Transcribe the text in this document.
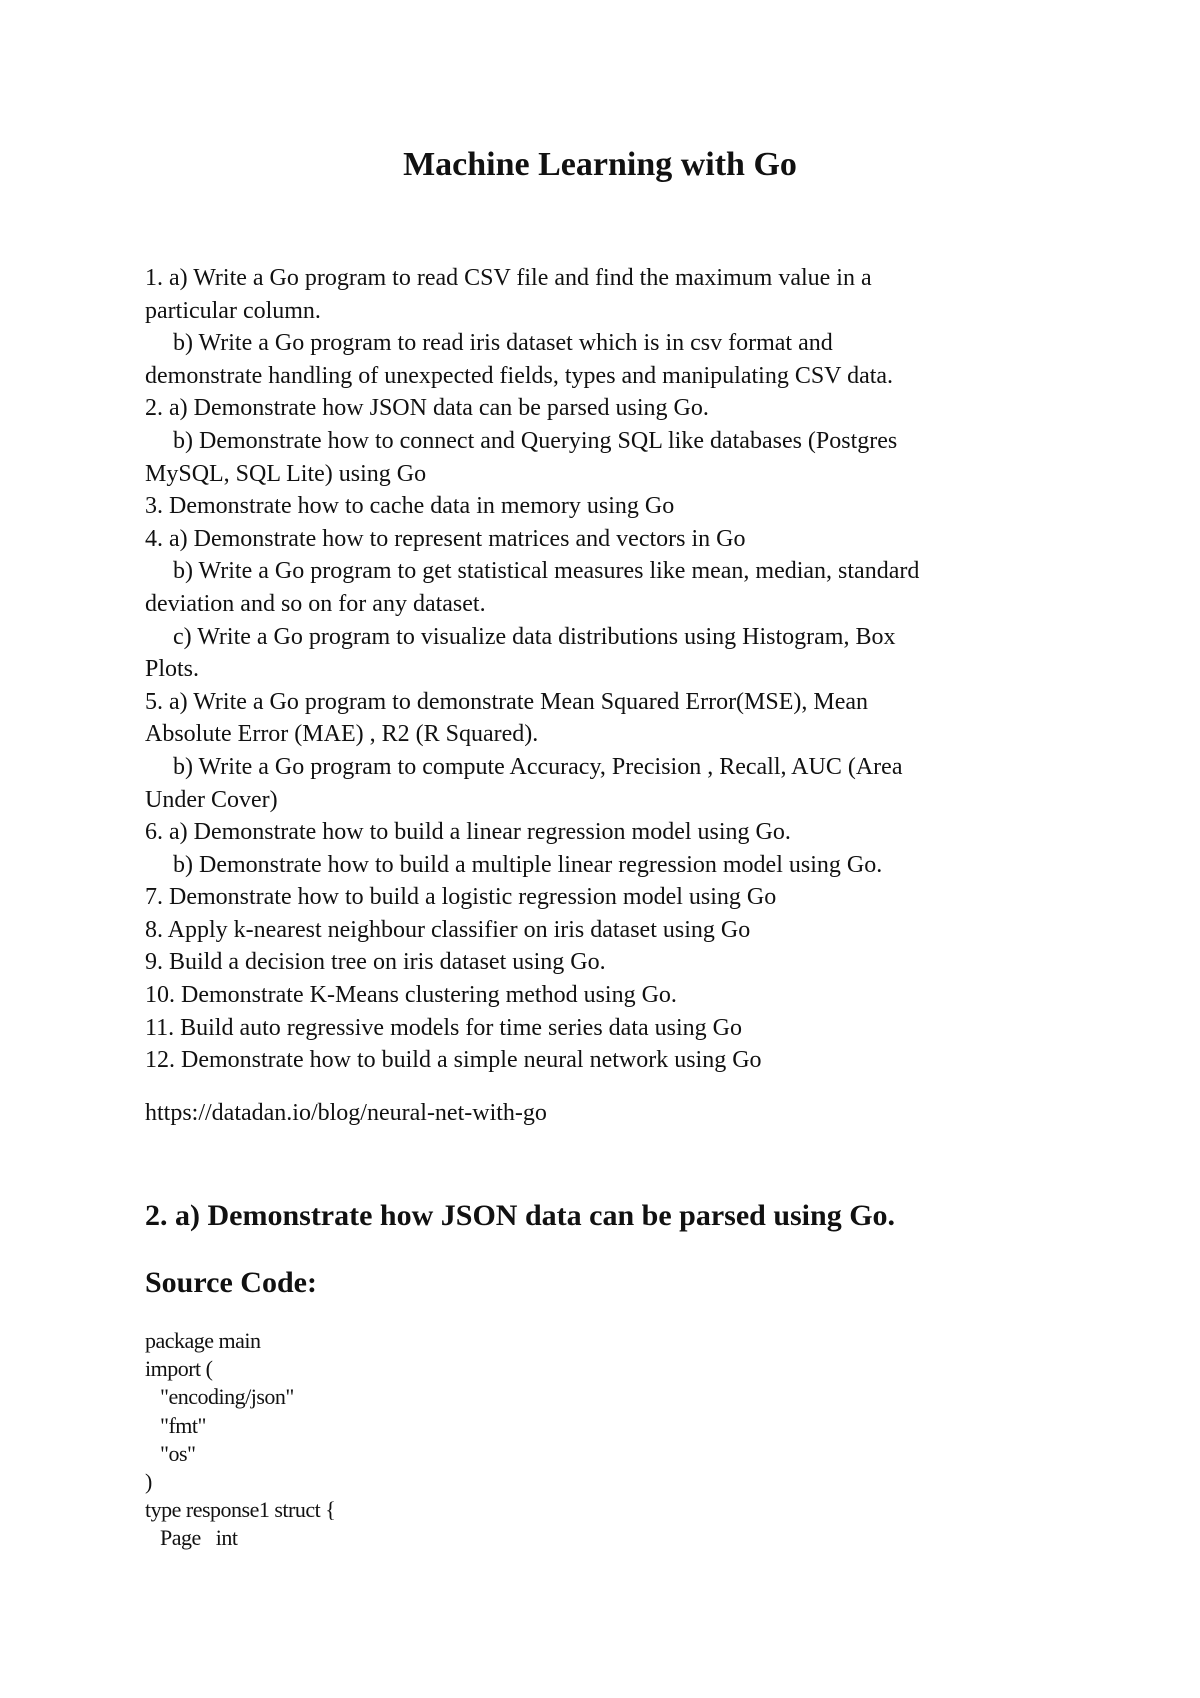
Machine Learning with Go
1. a) Write a Go program to read CSV file and find the maximum value in a
particular column.
b) Write a Go program to read iris dataset which is in csv format and
demonstrate handling of unexpected fields, types and manipulating CSV data.
2. a) Demonstrate how JSON data can be parsed using Go.
b) Demonstrate how to connect and Querying SQL like databases (Postgres
MySQL, SQL Lite) using Go
3. Demonstrate how to cache data in memory using Go
4. a) Demonstrate how to represent matrices and vectors in Go
b) Write a Go program to get statistical measures like mean, median, standard
deviation and so on for any dataset.
c) Write a Go program to visualize data distributions using Histogram, Box
Plots.
5. a) Write a Go program to demonstrate Mean Squared Error(MSE), Mean
Absolute Error (MAE) , R2 (R Squared).
b) Write a Go program to compute Accuracy, Precision , Recall, AUC (Area
Under Cover)
6. a) Demonstrate how to build a linear regression model using Go.
b) Demonstrate how to build a multiple linear regression model using Go.
7. Demonstrate how to build a logistic regression model using Go
8. Apply k-nearest neighbour classifier on iris dataset using Go
9. Build a decision tree on iris dataset using Go.
10. Demonstrate K-Means clustering method using Go.
11. Build auto regressive models for time series data using Go
12. Demonstrate how to build a simple neural network using Go
https://datadan.io/blog/neural-net-with-go
2. a) Demonstrate how JSON data can be parsed using Go.
Source Code:
package main
import (
"encoding/json"
"fmt"
"os"
)
type response1 struct {
Page   int
